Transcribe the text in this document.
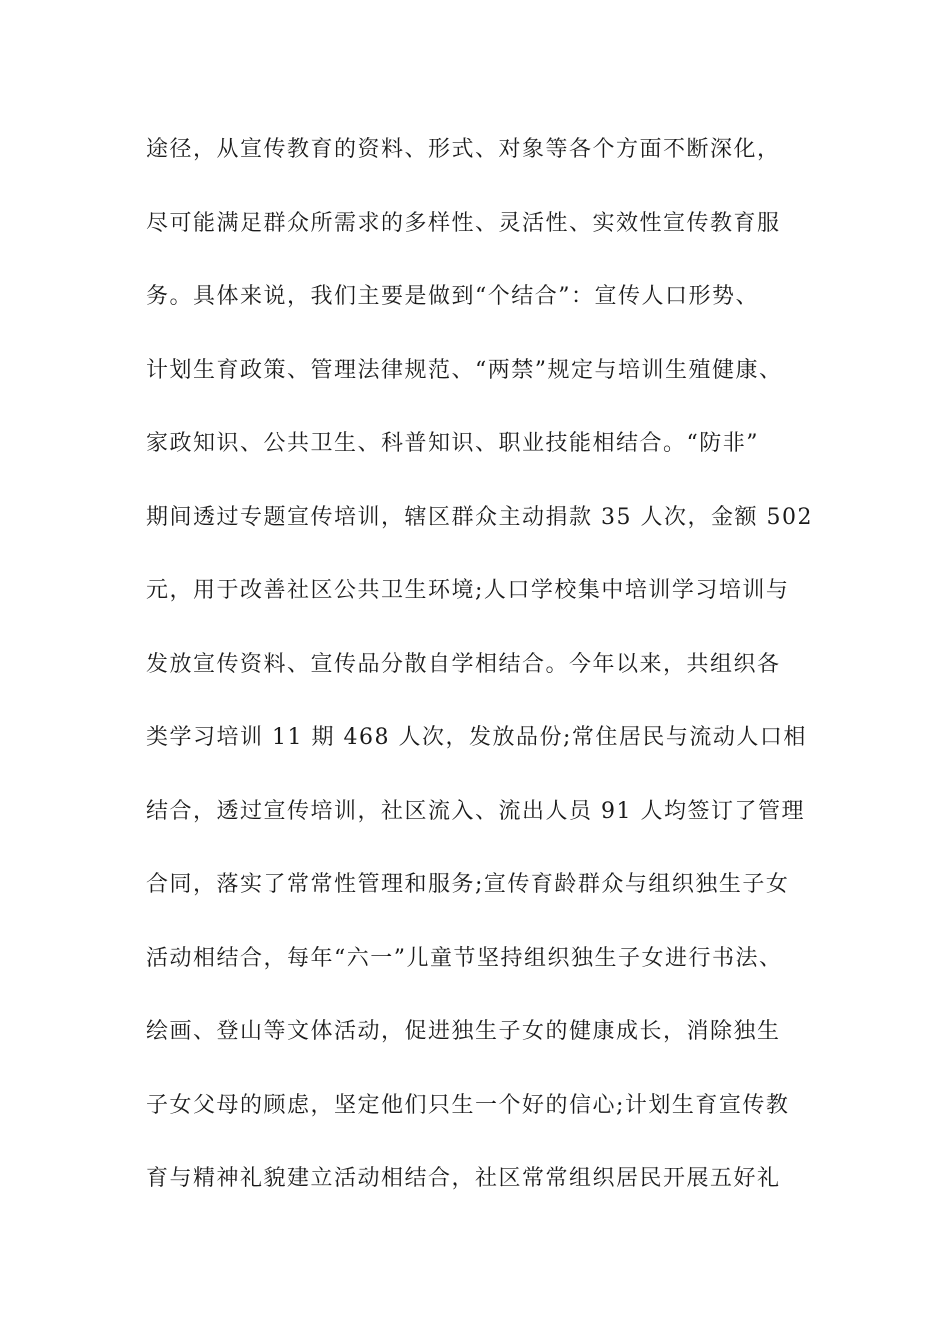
途径，从宣传教育的资料、形式、对象等各个方面不断深化，
尽可能满足群众所需求的多样性、灵活性、实效性宣传教育服
务。具体来说，我们主要是做到“个结合”：宣传人口形势、
计划生育政策、管理法律规范、“两禁”规定与培训生殖健康、
家政知识、公共卫生、科普知识、职业技能相结合。“防非”
期间透过专题宣传培训，辖区群众主动捐款 35 人次，金额 502
元，用于改善社区公共卫生环境;人口学校集中培训学习培训与
发放宣传资料、宣传品分散自学相结合。今年以来，共组织各
类学习培训 11 期 468 人次，发放品份;常住居民与流动人口相
结合，透过宣传培训，社区流入、流出人员 91 人均签订了管理
合同，落实了常常性管理和服务;宣传育龄群众与组织独生子女
活动相结合，每年“六一”儿童节坚持组织独生子女进行书法、
绘画、登山等文体活动，促进独生子女的健康成长，消除独生
子女父母的顾虑，坚定他们只生一个好的信心;计划生育宣传教
育与精神礼貌建立活动相结合，社区常常组织居民开展五好礼
